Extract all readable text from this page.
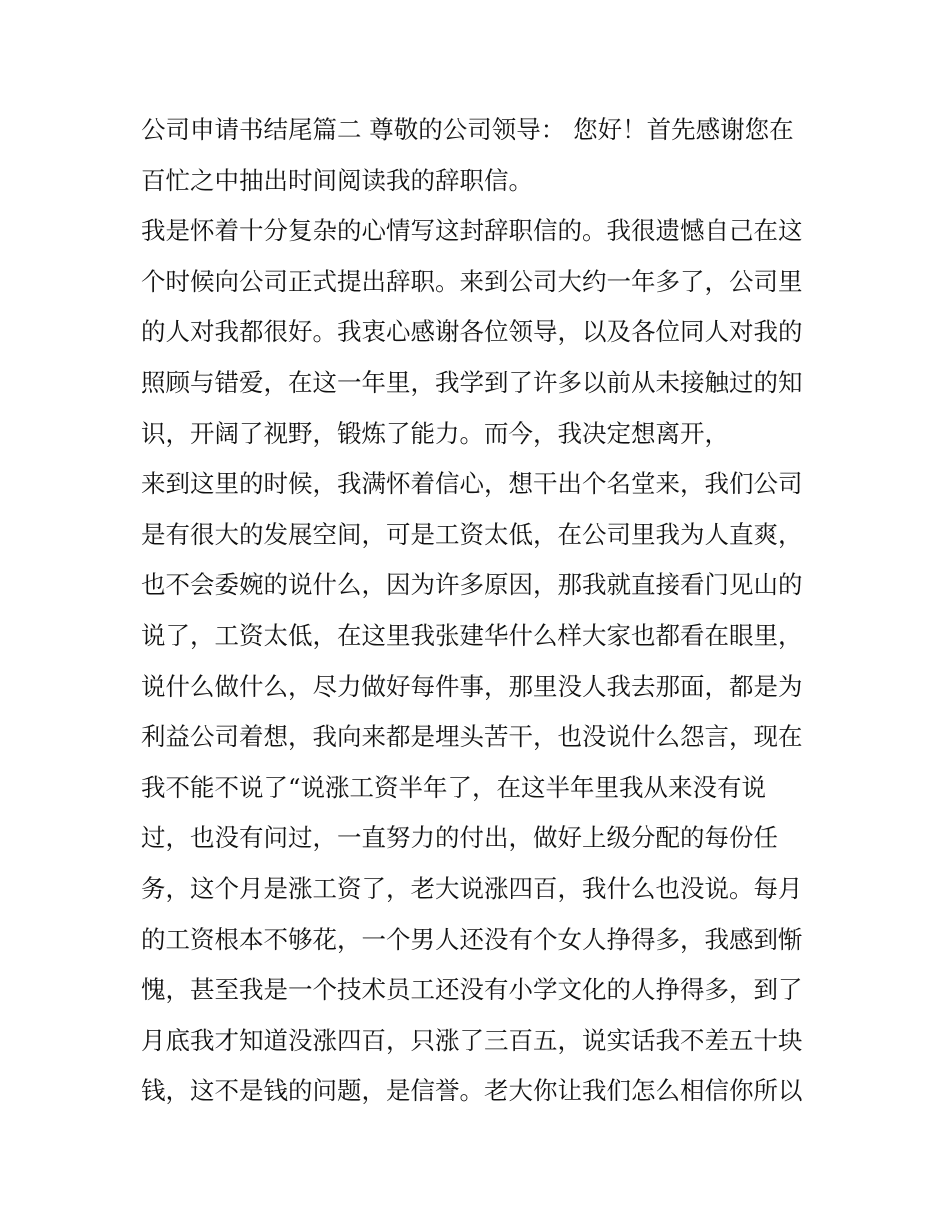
公司申请书结尾篇二 尊敬的公司领导： 您好！首先感谢您在
百忙之中抽出时间阅读我的辞职信。
我是怀着十分复杂的心情写这封辞职信的。我很遗憾自己在这
个时候向公司正式提出辞职。来到公司大约一年多了，公司里
的人对我都很好。我衷心感谢各位领导，以及各位同人对我的
照顾与错爱，在这一年里，我学到了许多以前从未接触过的知
识，开阔了视野，锻炼了能力。而今，我决定想离开，
来到这里的时候，我满怀着信心，想干出个名堂来，我们公司
是有很大的发展空间，可是工资太低，在公司里我为人直爽，
也不会委婉的说什么，因为许多原因，那我就直接看门见山的
说了，工资太低，在这里我张建华什么样大家也都看在眼里，
说什么做什么，尽力做好每件事，那里没人我去那面，都是为
利益公司着想，我向来都是埋头苦干，也没说什么怨言，现在
我不能不说了“说涨工资半年了，在这半年里我从来没有说
过，也没有问过，一直努力的付出，做好上级分配的每份任
务，这个月是涨工资了，老大说涨四百，我什么也没说。每月
的工资根本不够花，一个男人还没有个女人挣得多，我感到惭
愧，甚至我是一个技术员工还没有小学文化的人挣得多，到了
月底我才知道没涨四百，只涨了三百五，说实话我不差五十块
钱，这不是钱的问题，是信誉。老大你让我们怎么相信你所以
